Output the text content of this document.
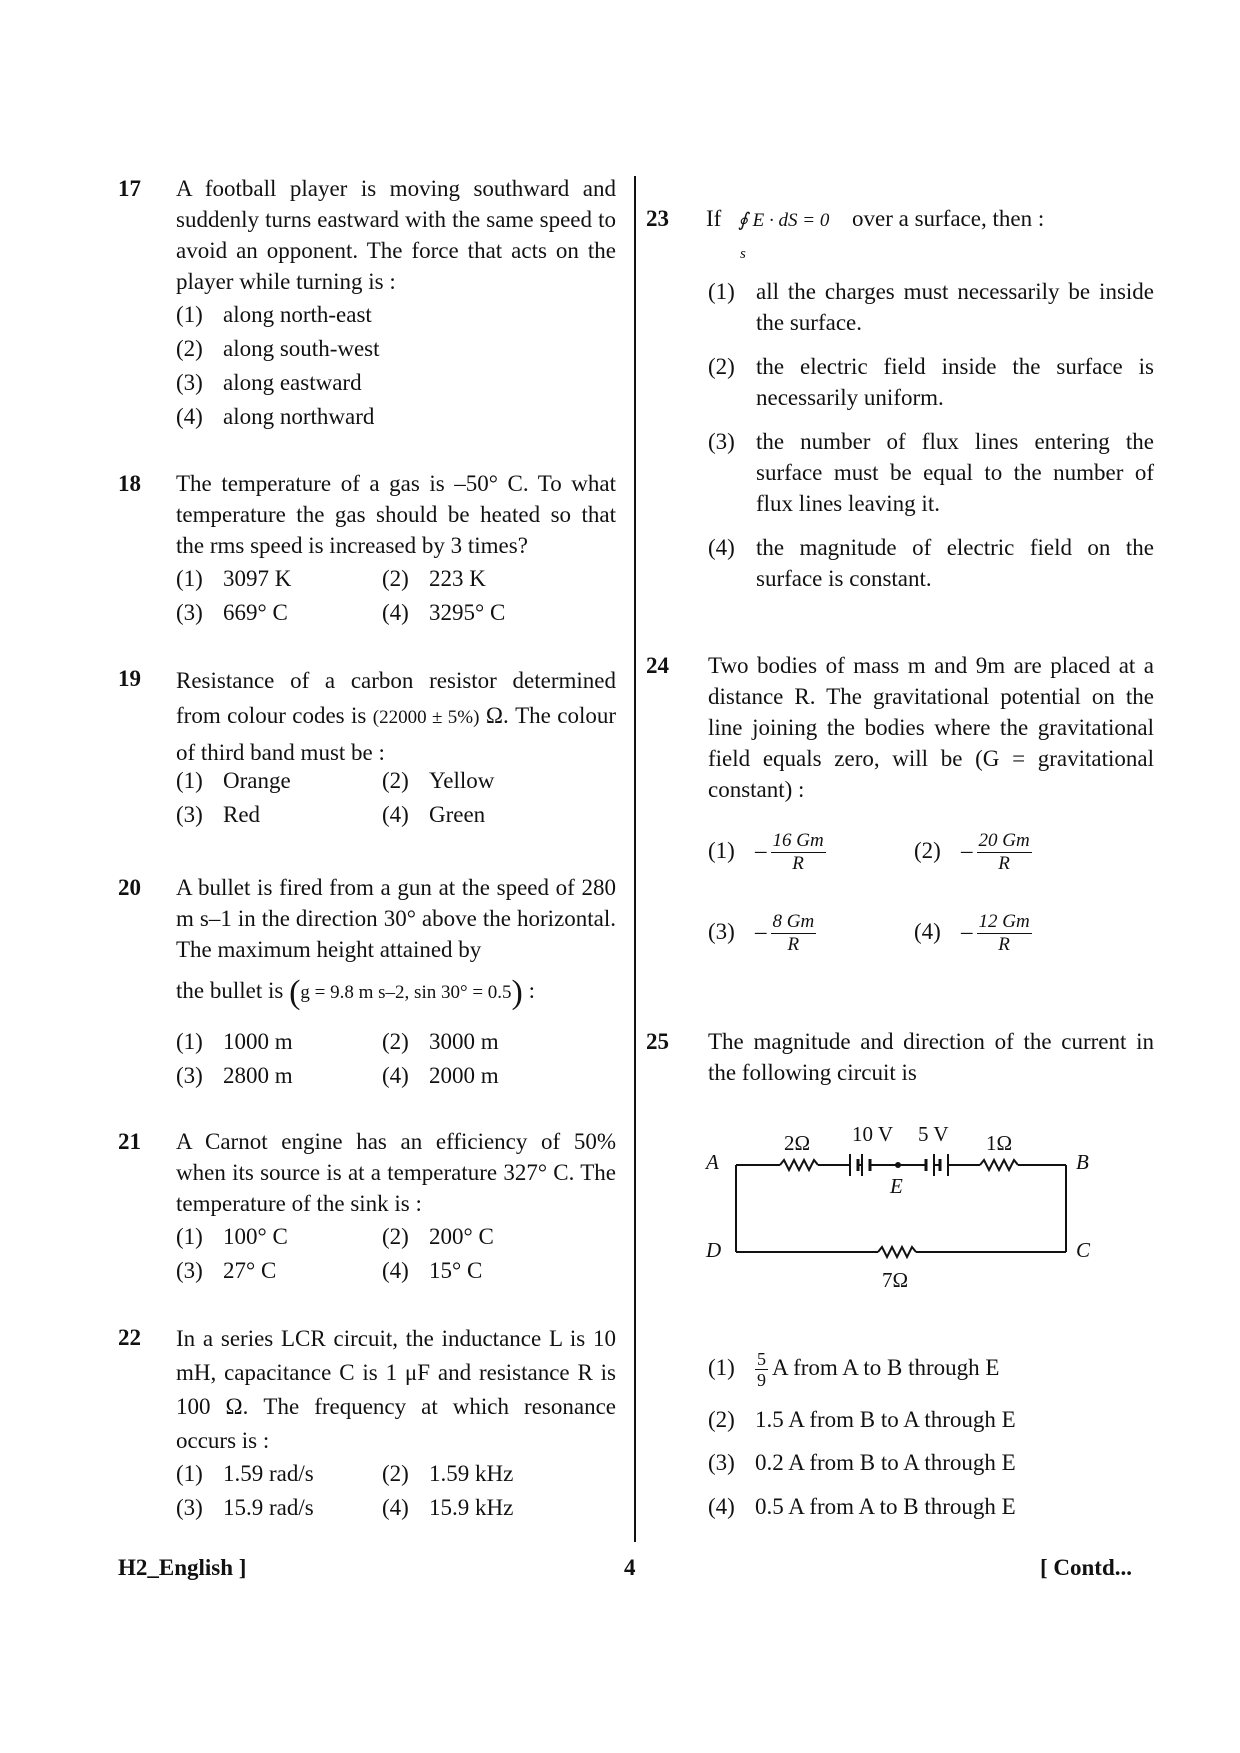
17 A football player is moving southward and suddenly turns eastward with the same speed to avoid an opponent. The force that acts on the player while turning is :
(1) along north-east
(2) along south-west
(3) along eastward
(4) along northward
18 The temperature of a gas is –50° C. To what temperature the gas should be heated so that the rms speed is increased by 3 times?
(1) 3097 K	(2) 223 K
(3) 669° C	(4) 3295° C
19 Resistance of a carbon resistor determined from colour codes is (22000 ± 5%) Ω. The colour of third band must be :
(1) Orange	(2) Yellow
(3) Red	(4) Green
20 A bullet is fired from a gun at the speed of 280 m s–1 in the direction 30° above the horizontal. The maximum height attained by
the bullet is (g = 9.8 m s–2, sin 30° = 0.5) :
(1) 1000 m	(2) 3000 m
(3) 2800 m	(4) 2000 m
21 A Carnot engine has an efficiency of 50% when its source is at a temperature 327° C. The temperature of the sink is :
(1) 100° C	(2) 200° C
(3) 27° C	(4) 15° C
22 In a series LCR circuit, the inductance L is 10 mH, capacitance C is 1 μF and resistance R is 100 Ω. The frequency at which resonance occurs is :
(1) 1.59 rad/s	(2) 1.59 kHz
(3) 15.9 rad/s	(4) 15.9 kHz
23 If ∮ E · dS = 0
s
over a surface, then :
(1) all the charges must necessarily be inside the surface.
(2) the electric field inside the surface is necessarily uniform.
(3) the number of flux lines entering the surface must be equal to the number of flux lines leaving it.
(4) the magnitude of electric field on the surface is constant.
24 Two bodies of mass m and 9m are placed at a distance R. The gravitational potential on the line joining the bodies where the gravitational field equals zero, will be (G = gravitational constant) :
$(1) - \frac{16 Gm}{R}$	$(2) - \frac{20 Gm}{R}$
$(3) - \frac{8 Gm}{R}$	$(4) - \frac{12 Gm}{R}$
25 The magnitude and direction of the current in the following circuit is
A	B
D	C
E
2Ω 10 V 5 V 1Ω
7Ω
$(1) \frac{5}{9}$ A from A to B through E
(2) 1.5 A from B to A through E
(3) 0.2 A from B to A through E
(4) 0.5 A from A to B through E
H2_English ]	4	[ Contd...
